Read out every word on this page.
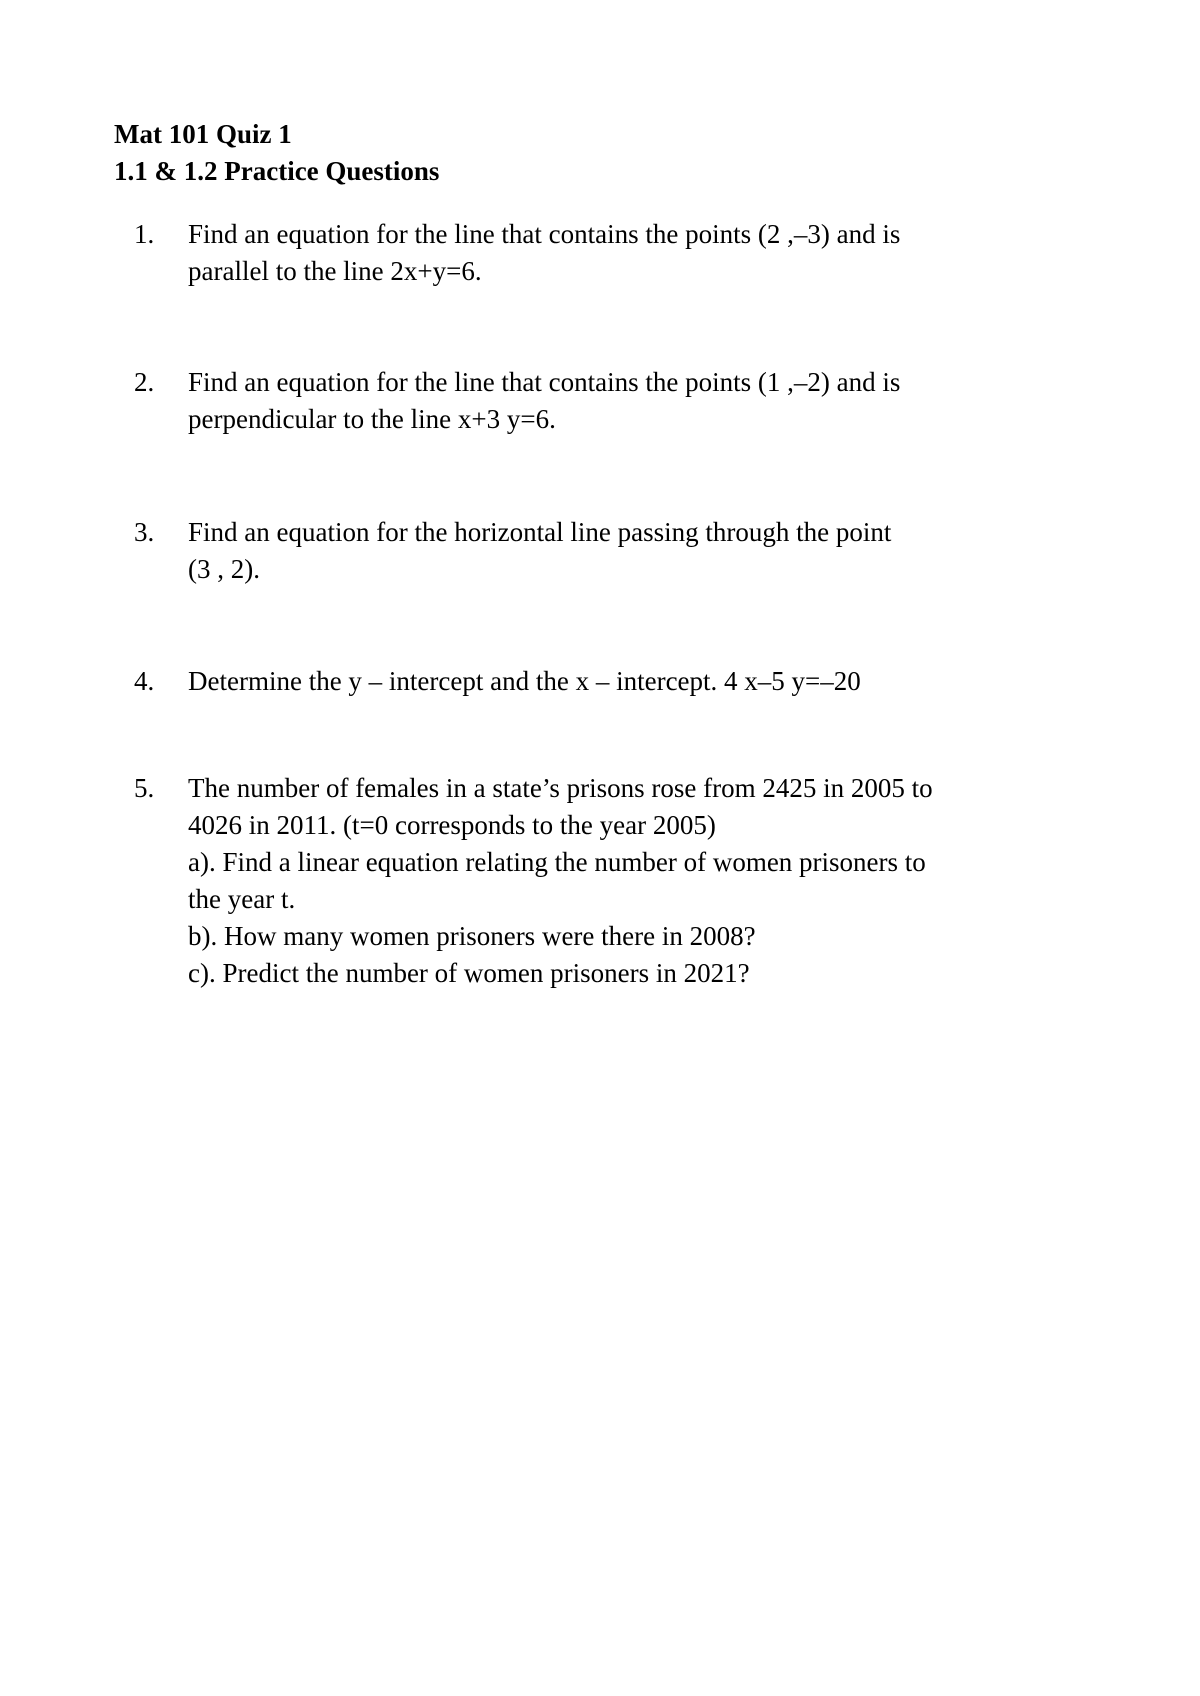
Mat 101 Quiz 1
1.1 & 1.2 Practice Questions
1.	Find an equation for the line that contains the points (2 ,–3) and is
parallel to the line 2x+y=6.
2.	Find an equation for the line that contains the points (1 ,–2) and is
perpendicular to the line x+3 y=6.
3.	Find an equation for the horizontal line passing through the point
(3 , 2).
4.	Determine the y – intercept and the x – intercept. 4 x–5 y=–20
5.	The number of females in a state’s prisons rose from 2425 in 2005 to
4026 in 2011. (t=0 corresponds to the year 2005)
a). Find a linear equation relating the number of women prisoners to
the year t.
b). How many women prisoners were there in 2008?
c). Predict the number of women prisoners in 2021?
